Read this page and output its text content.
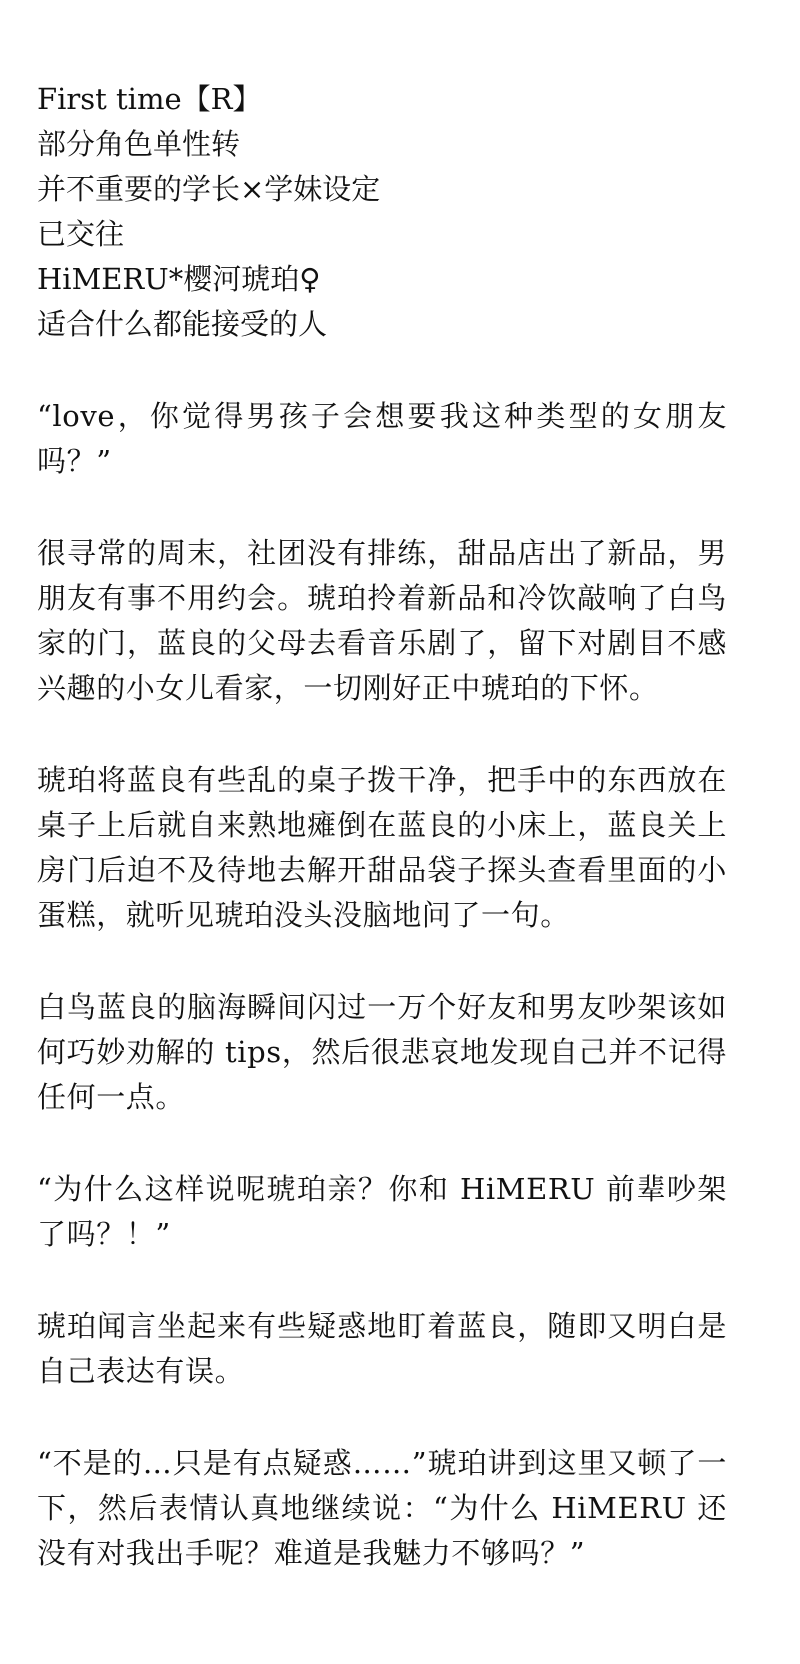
First time【R】
部分角色单性转
并不重要的学长×学妹设定
已交往
HiMERU*樱河琥珀♀
适合什么都能接受的人

“love，你觉得男孩子会想要我这种类型的女朋友吗？”

很寻常的周末，社团没有排练，甜品店出了新品，男朋友有事不用约会。琥珀拎着新品和冷饮敲响了白鸟家的门，蓝良的父母去看音乐剧了，留下对剧目不感兴趣的小女儿看家，一切刚好正中琥珀的下怀。

琥珀将蓝良有些乱的桌子拨干净，把手中的东西放在桌子上后就自来熟地瘫倒在蓝良的小床上，蓝良关上房门后迫不及待地去解开甜品袋子探头查看里面的小蛋糕，就听见琥珀没头没脑地问了一句。

白鸟蓝良的脑海瞬间闪过一万个好友和男友吵架该如何巧妙劝解的 tips，然后很悲哀地发现自己并不记得任何一点。

“为什么这样说呢琥珀亲？你和 HiMERU 前辈吵架了吗？！”

琥珀闻言坐起来有些疑惑地盯着蓝良，随即又明白是自己表达有误。

“不是的…只是有点疑惑……”琥珀讲到这里又顿了一下，然后表情认真地继续说：“为什么 HiMERU 还没有对我出手呢？难道是我魅力不够吗？”
